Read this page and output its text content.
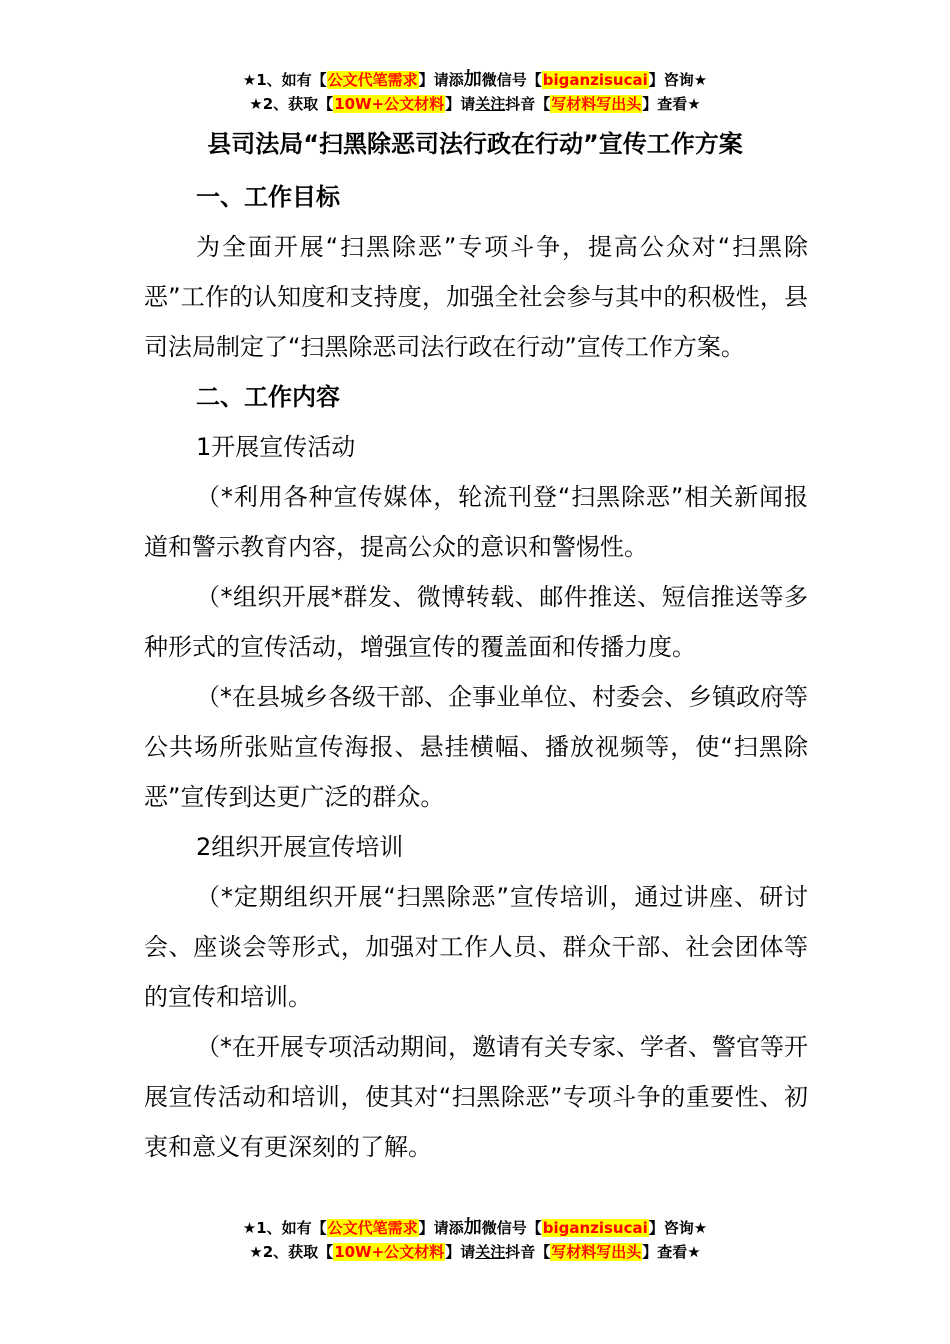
★1、如有【公文代笔需求】请添加微信号【biganzisucai】咨询★
★2、获取【10W+公文材料】请关注抖音【写材料写出头】查看★
县司法局“扫黑除恶司法行政在行动”宣传工作方案

一、工作目标

为全面开展“扫黑除恶”专项斗争，提高公众对“扫黑除恶”工作的认知度和支持度，加强全社会参与其中的积极性，县司法局制定了“扫黑除恶司法行政在行动”宣传工作方案。

二、工作内容

1开展宣传活动

（*利用各种宣传媒体，轮流刊登“扫黑除恶”相关新闻报道和警示教育内容，提高公众的意识和警惕性。

（*组织开展*群发、微博转载、邮件推送、短信推送等多种形式的宣传活动，增强宣传的覆盖面和传播力度。

（*在县城乡各级干部、企事业单位、村委会、乡镇政府等公共场所张贴宣传海报、悬挂横幅、播放视频等，使“扫黑除恶”宣传到达更广泛的群众。

2组织开展宣传培训

（*定期组织开展“扫黑除恶”宣传培训，通过讲座、研讨会、座谈会等形式，加强对工作人员、群众干部、社会团体等的宣传和培训。

（*在开展专项活动期间，邀请有关专家、学者、警官等开展宣传活动和培训，使其对“扫黑除恶”专项斗争的重要性、初衷和意义有更深刻的了解。

★1、如有【公文代笔需求】请添加微信号【biganzisucai】咨询★
★2、获取【10W+公文材料】请关注抖音【写材料写出头】查看★
